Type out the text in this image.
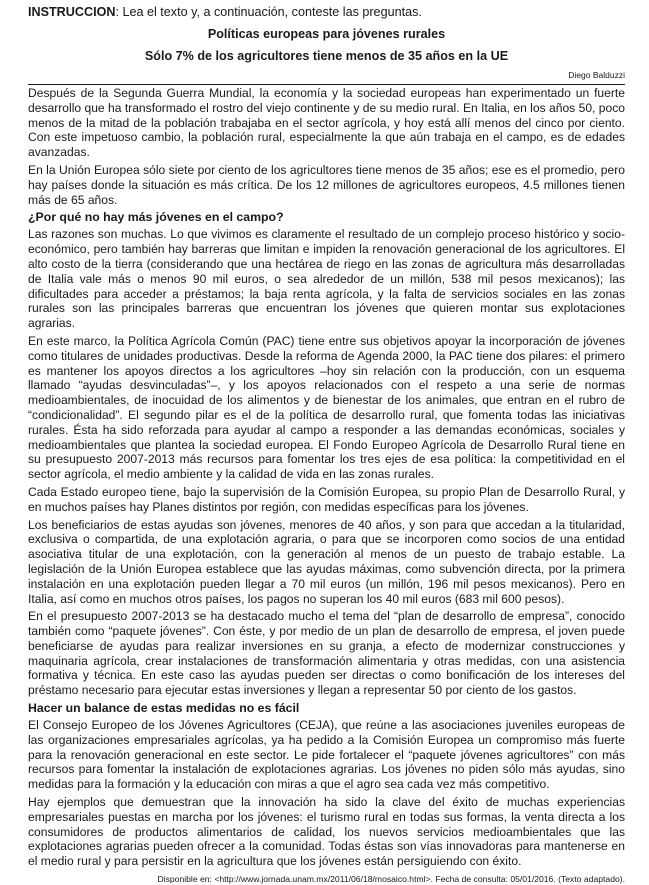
INSTRUCCION: Lea el texto y, a continuación, conteste las preguntas.
Políticas europeas para jóvenes rurales
Sólo 7% de los agricultores tiene menos de 35 años en la UE
Diego Balduzzi

Después de la Segunda Guerra Mundial, la economía y la sociedad europeas han experimentado un fuerte desarrollo que ha transformado el rostro del viejo continente y de su medio rural. En Italia, en los años 50, poco menos de la mitad de la población trabajaba en el sector agrícola, y hoy está allí menos del cinco por ciento. Con este impetuoso cambio, la población rural, especialmente la que aún trabaja en el campo, es de edades avanzadas.

En la Unión Europea sólo siete por ciento de los agricultores tiene menos de 35 años; ese es el promedio, pero hay países donde la situación es más crítica. De los 12 millones de agricultores europeos, 4.5 millones tienen más de 65 años.

¿Por qué no hay más jóvenes en el campo?

Las razones son muchas. Lo que vivimos es claramente el resultado de un complejo proceso histórico y socio-económico, pero también hay barreras que limitan e impiden la renovación generacional de los agricultores. El alto costo de la tierra (considerando que una hectárea de riego en las zonas de agricultura más desarrolladas de Italia vale más o menos 90 mil euros, o sea alrededor de un millón, 538 mil pesos mexicanos); las dificultades para acceder a préstamos; la baja renta agrícola, y la falta de servicios sociales en las zonas rurales son las principales barreras que encuentran los jóvenes que quieren montar sus explotaciones agrarias.

En este marco, la Política Agrícola Común (PAC) tiene entre sus objetivos apoyar la incorporación de jóvenes como titulares de unidades productivas. Desde la reforma de Agenda 2000, la PAC tiene dos pilares: el primero es mantener los apoyos directos a los agricultores –hoy sin relación con la producción, con un esquema llamado “ayudas desvinculadas”–, y los apoyos relacionados con el respeto a una serie de normas medioambientales, de inocuidad de los alimentos y de bienestar de los animales, que entran en el rubro de “condicionalidad”. El segundo pilar es el de la política de desarrollo rural, que fomenta todas las iniciativas rurales. Ésta ha sido reforzada para ayudar al campo a responder a las demandas económicas, sociales y medioambientales que plantea la sociedad europea. El Fondo Europeo Agrícola de Desarrollo Rural tiene en su presupuesto 2007-2013 más recursos para fomentar los tres ejes de esa política: la competitividad en el sector agrícola, el medio ambiente y la calidad de vida en las zonas rurales.

Cada Estado europeo tiene, bajo la supervisión de la Comisión Europea, su propio Plan de Desarrollo Rural, y en muchos países hay Planes distintos por región, con medidas específicas para los jóvenes.

Los beneficiarios de estas ayudas son jóvenes, menores de 40 años, y son para que accedan a la titularidad, exclusiva o compartida, de una explotación agraria, o para que se incorporen como socios de una entidad asociativa titular de una explotación, con la generación al menos de un puesto de trabajo estable. La legislación de la Unión Europea establece que las ayudas máximas, como subvención directa, por la primera instalación en una explotación pueden llegar a 70 mil euros (un millón, 196 mil pesos mexicanos). Pero en Italia, así como en muchos otros países, los pagos no superan los 40 mil euros (683 mil 600 pesos).

En el presupuesto 2007-2013 se ha destacado mucho el tema del “plan de desarrollo de empresa”, conocido también como “paquete jóvenes”. Con éste, y por medio de un plan de desarrollo de empresa, el joven puede beneficiarse de ayudas para realizar inversiones en su granja, a efecto de modernizar construcciones y maquinaria agrícola, crear instalaciones de transformación alimentaria y otras medidas, con una asistencia formativa y técnica. En este caso las ayudas pueden ser directas o como bonificación de los intereses del préstamo necesario para ejecutar estas inversiones y llegan a representar 50 por ciento de los gastos.

Hacer un balance de estas medidas no es fácil

El Consejo Europeo de los Jóvenes Agricultores (CEJA), que reúne a las asociaciones juveniles europeas de las organizaciones empresariales agrícolas, ya ha pedido a la Comisión Europea un compromiso más fuerte para la renovación generacional en este sector. Le pide fortalecer el “paquete jóvenes agricultores” con más recursos para fomentar la instalación de explotaciones agrarias. Los jóvenes no piden sólo más ayudas, sino medidas para la formación y la educación con miras a que el agro sea cada vez más competitivo.

Hay ejemplos que demuestran que la innovación ha sido la clave del éxito de muchas experiencias empresariales puestas en marcha por los jóvenes: el turismo rural en todas sus formas, la venta directa a los consumidores de productos alimentarios de calidad, los nuevos servicios medioambientales que las explotaciones agrarias pueden ofrecer a la comunidad. Todas éstas son vías innovadoras para mantenerse en el medio rural y para persistir en la agricultura que los jóvenes están persiguiendo con éxito.

Disponible en: <http://www.jornada.unam.mx/2011/06/18/mosaico.html>. Fecha de consulta: 05/01/2016. (Texto adaptado).
